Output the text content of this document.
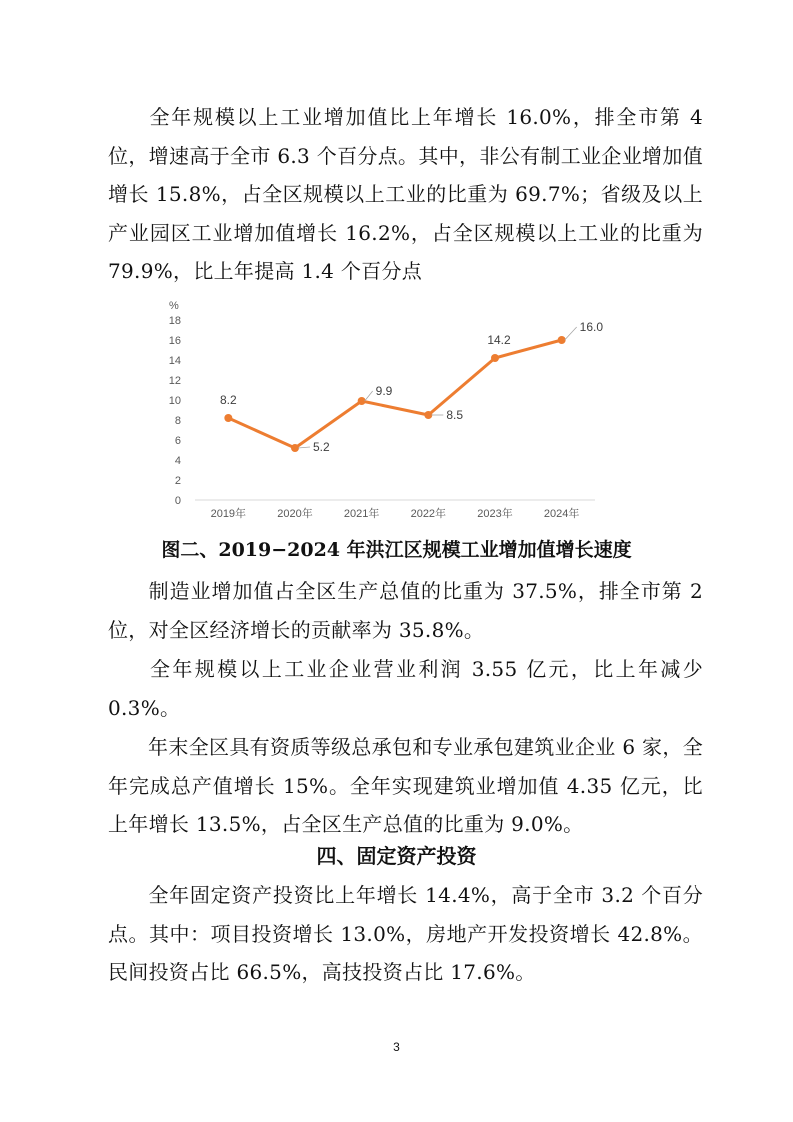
全年规模以上工业增加值比上年增长 16.0%，排全市第 4 位，增速高于全市 6.3 个百分点。其中，非公有制工业企业增加值增长 15.8%，占全区规模以上工业的比重为 69.7%；省级及以上产业园区工业增加值增长 16.2%，占全区规模以上工业的比重为 79.9%，比上年提高 1.4 个百分点

%
0
2
4
6
8
10
12
14
16
18
2019年	2020年	2021年	2022年	2023年	2024年
8.2
5.2
9.9
8.5
14.2
16.0

图二、2019−2024 年洪江区规模工业增加值增长速度

制造业增加值占全区生产总值的比重为 37.5%，排全市第 2 位，对全区经济增长的贡献率为 35.8%。

全年规模以上工业企业营业利润 3.55 亿元，比上年减少 0.3%。

年末全区具有资质等级总承包和专业承包建筑业企业 6 家，全年完成总产值增长 15%。全年实现建筑业增加值 4.35 亿元，比上年增长 13.5%，占全区生产总值的比重为 9.0%。

四、固定资产投资

全年固定资产投资比上年增长 14.4%，高于全市 3.2 个百分点。其中：项目投资增长 13.0%，房地产开发投资增长 42.8%。民间投资占比 66.5%，高技投资占比 17.6%。

3
